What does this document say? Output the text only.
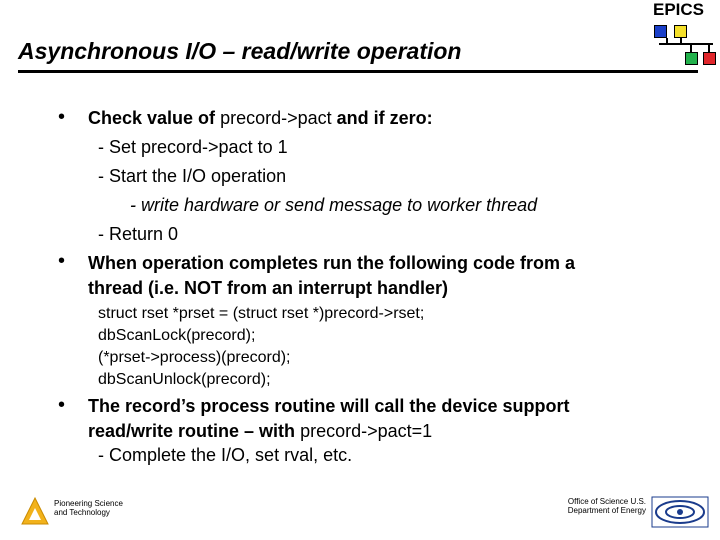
EPICS
Asynchronous I/O – read/write operation
• Check value of precord->pact and if zero:
- Set precord->pact to 1
- Start the I/O operation
- write hardware or send message to worker thread
- Return 0
• When operation completes run the following code from a
thread (i.e. NOT from an interrupt handler)
struct rset *prset = (struct rset *)precord->rset;
dbScanLock(precord);
(*prset->process)(precord);
dbScanUnlock(precord);
• The record’s process routine will call the device support
read/write routine – with precord->pact=1
- Complete the I/O, set rval, etc.
Pioneering Science and Technology
Office of Science U.S. Department of Energy
